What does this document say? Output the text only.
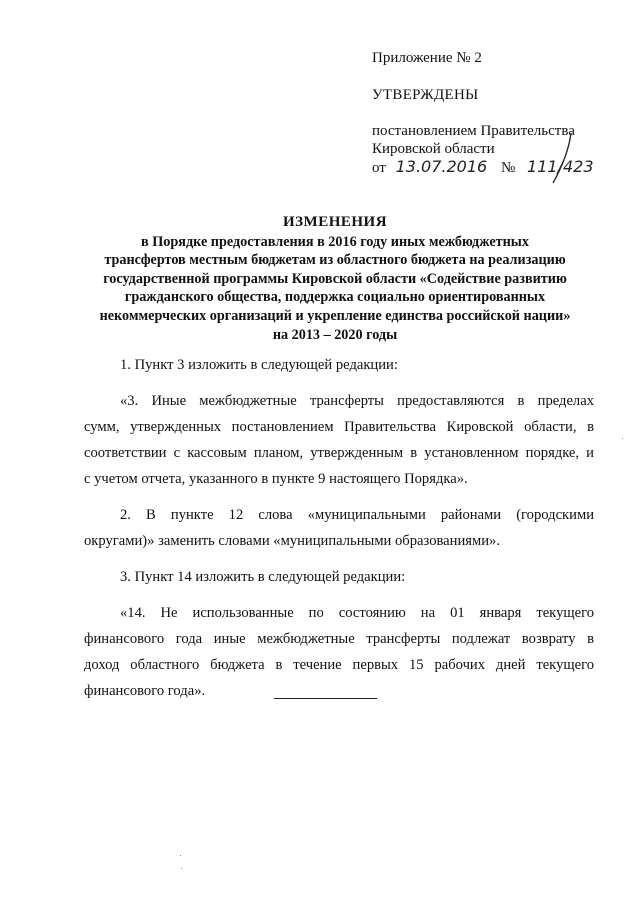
Приложение № 2
УТВЕРЖДЕНЫ
постановлением Правительства
Кировской области
от 13.07.2016 № 111/423
ИЗМЕНЕНИЯ
в Порядке предоставления в 2016 году иных межбюджетных
трансфертов местным бюджетам из областного бюджета на реализацию
государственной программы Кировской области «Содействие развитию
гражданского общества, поддержка социально ориентированных
некоммерческих организаций и укрепление единства российской нации»
на 2013 – 2020 годы

1. Пункт 3 изложить в следующей редакции:

«3. Иные межбюджетные трансферты предоставляются в пределах
сумм, утвержденных постановлением Правительства Кировской области, в
соответствии с кассовым планом, утвержденным в установленном порядке, и
с учетом отчета, указанного в пункте 9 настоящего Порядка».
2. В пункте 12 слова «муниципальными районами (городскими
округами)» заменить словами «муниципальными образованиями».

3. Пункт 14 изложить в следующей редакции:

«14. Не использованные по состоянию на 01 января текущего
финансового года иные межбюджетные трансферты подлежат возврату в
доход областного бюджета в течение первых 15 рабочих дней текущего
финансового года».
